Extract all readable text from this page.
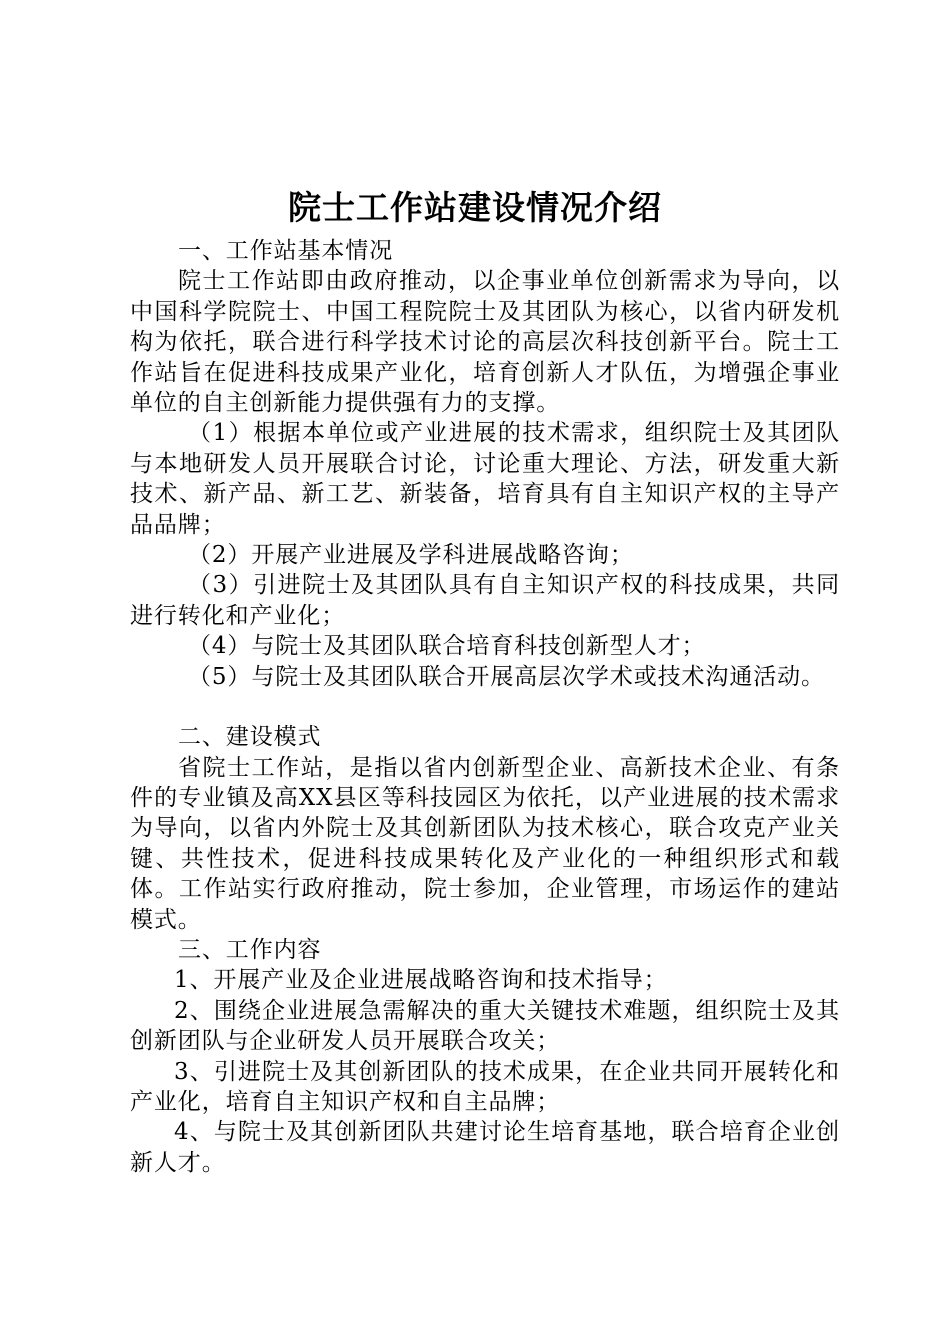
院士工作站建设情况介绍

一、工作站基本情况

院士工作站即由政府推动，以企事业单位创新需求为导向，以中国科学院院士、中国工程院院士及其团队为核心，以省内研发机构为依托，联合进行科学技术讨论的高层次科技创新平台。院士工作站旨在促进科技成果产业化，培育创新人才队伍，为增强企事业单位的自主创新能力提供强有力的支撑。

（1）根据本单位或产业进展的技术需求，组织院士及其团队与本地研发人员开展联合讨论，讨论重大理论、方法，研发重大新技术、新产品、新工艺、新装备，培育具有自主知识产权的主导产品品牌；

（2）开展产业进展及学科进展战略咨询；

（3）引进院士及其团队具有自主知识产权的科技成果，共同进行转化和产业化；

（4）与院士及其团队联合培育科技创新型人才；

（5）与院士及其团队联合开展高层次学术或技术沟通活动。

二、建设模式

省院士工作站，是指以省内创新型企业、高新技术企业、有条件的专业镇及高XX县区等科技园区为依托，以产业进展的技术需求为导向，以省内外院士及其创新团队为技术核心，联合攻克产业关键、共性技术，促进科技成果转化及产业化的一种组织形式和载体。工作站实行政府推动，院士参加，企业管理，市场运作的建站模式。

三、工作内容

1、开展产业及企业进展战略咨询和技术指导；

2、围绕企业进展急需解决的重大关键技术难题，组织院士及其创新团队与企业研发人员开展联合攻关；

3、引进院士及其创新团队的技术成果，在企业共同开展转化和产业化，培育自主知识产权和自主品牌；

4、与院士及其创新团队共建讨论生培育基地，联合培育企业创新人才。
